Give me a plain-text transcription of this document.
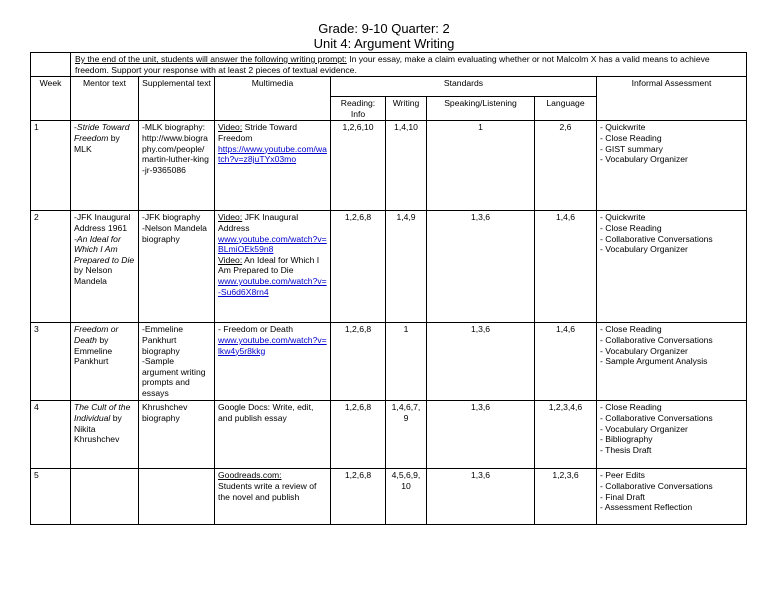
Grade: 9-10 Quarter: 2
Unit 4: Argument Writing
	By the end of the unit, students will answer the following writing prompt: In your essay, make a claim evaluating whether or not Malcolm X has a valid means to achieve freedom. Support your response with at least 2 pieces of textual evidence.							
Week	Mentor text	Supplemental text	Multimedia	Standards				Informal Assessment
				Reading: Info	Writing	Speaking/Listening	Language	
1	-Stride Toward Freedom by MLK	-MLK biography:
http://www.biography.com/people/martin-luther-king-jr-9365086	Video: Stride Toward Freedom
https://www.youtube.com/watch?v=z8juTYx03mo	1,2,6,10	1,4,10	1	2,6	- Quickwrite
- Close Reading
- GIST summary
- Vocabulary Organizer

2	-JFK Inaugural Address 1961
-An Ideal for Which I Am Prepared to Die by Nelson Mandela	-JFK biography
-Nelson Mandela biography	Video: JFK Inaugural Address
www.youtube.com/watch?v=BLmiOEk59n8
Video: An Ideal for Which I Am Prepared to Die
www.youtube.com/watch?v=-Su6d6X8rn4	1,2,6,8	1,4,9	1,3,6	1,4,6	- Quickwrite
- Close Reading
- Collaborative Conversations
- Vocabulary Organizer

3	Freedom or Death by Emmeline Pankhurt	-Emmeline Pankhurt biography
-Sample argument writing prompts and essays	- Freedom or Death
www.youtube.com/watch?v=lkw4y5r8kkg	1,2,6,8	1	1,3,6	1,4,6	- Close Reading
- Collaborative Conversations
- Vocabulary Organizer
- Sample Argument Analysis

4	The Cult of the Individual by Nikita Khrushchev	Khrushchev biography	Google Docs: Write, edit, and publish essay	1,2,6,8	1,4,6,7, 9	1,3,6	1,2,3,4,6	- Close Reading
- Collaborative Conversations
- Vocabulary Organizer
- Bibliography
- Thesis Draft

5			Goodreads.com:
Students write a review of the novel and publish	1,2,6,8	4,5,6,9, 10	1,3,6	1,2,3,6	- Peer Edits
- Collaborative Conversations
- Final Draft
- Assessment Reflection
